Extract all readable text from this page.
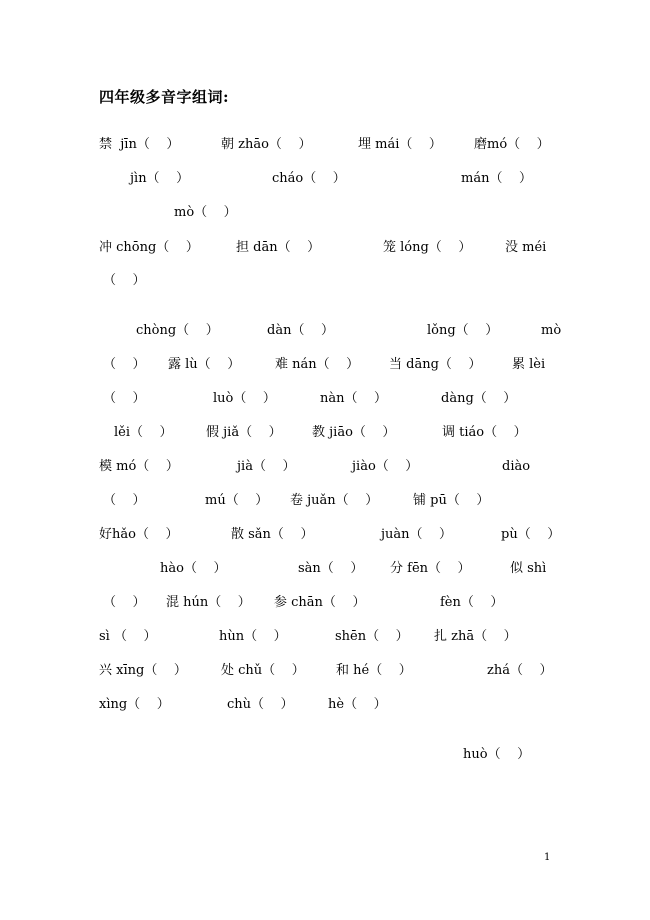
四年级多音字组词:
禁  jīn（    ）	朝 zhāo（    ）	埋 mái（    ） 磨mó（    ）
jìn（    ）	cháo（    ）	mán（    ）
mò（    ）
冲 chōng（    ）	担 dān（    ）	笼 lóng（    ）	没 méi
（    ）
chòng（    ）	dàn（    ）	lǒng（    ）	mò
（    ） 露 lù（    ）	难 nán（    ） 当 dāng（    ） 累 lèi
（    ）	luò（    ）	nàn（    ）	dàng（    ）
lěi（    ）	假 jiǎ（    ） 教 jiāo（    ）	调 tiáo（    ）
模 mó（    ）	jià（    ）	jiào（    ）	diào
（    ）	mú（    ） 卷 juǎn（    ）	铺 pū（    ）
好hǎo（    ）	散 sǎn（    ）	juàn（    ）	pù（    ）
hào（    ）	sàn（    ） 分 fēn（    ）	似 shì
（    ） 混 hún（    ） 参 chān（    ）	fèn（    ）
sì （    ）	hùn（    ）	shēn（    ） 扎 zhā（    ）
兴 xīng（    ）	处 chǔ（    ） 和 hé（    ）	zhá（    ）
xìng（    ）	chù（    ）	hè（    ）
huò（    ）
1
